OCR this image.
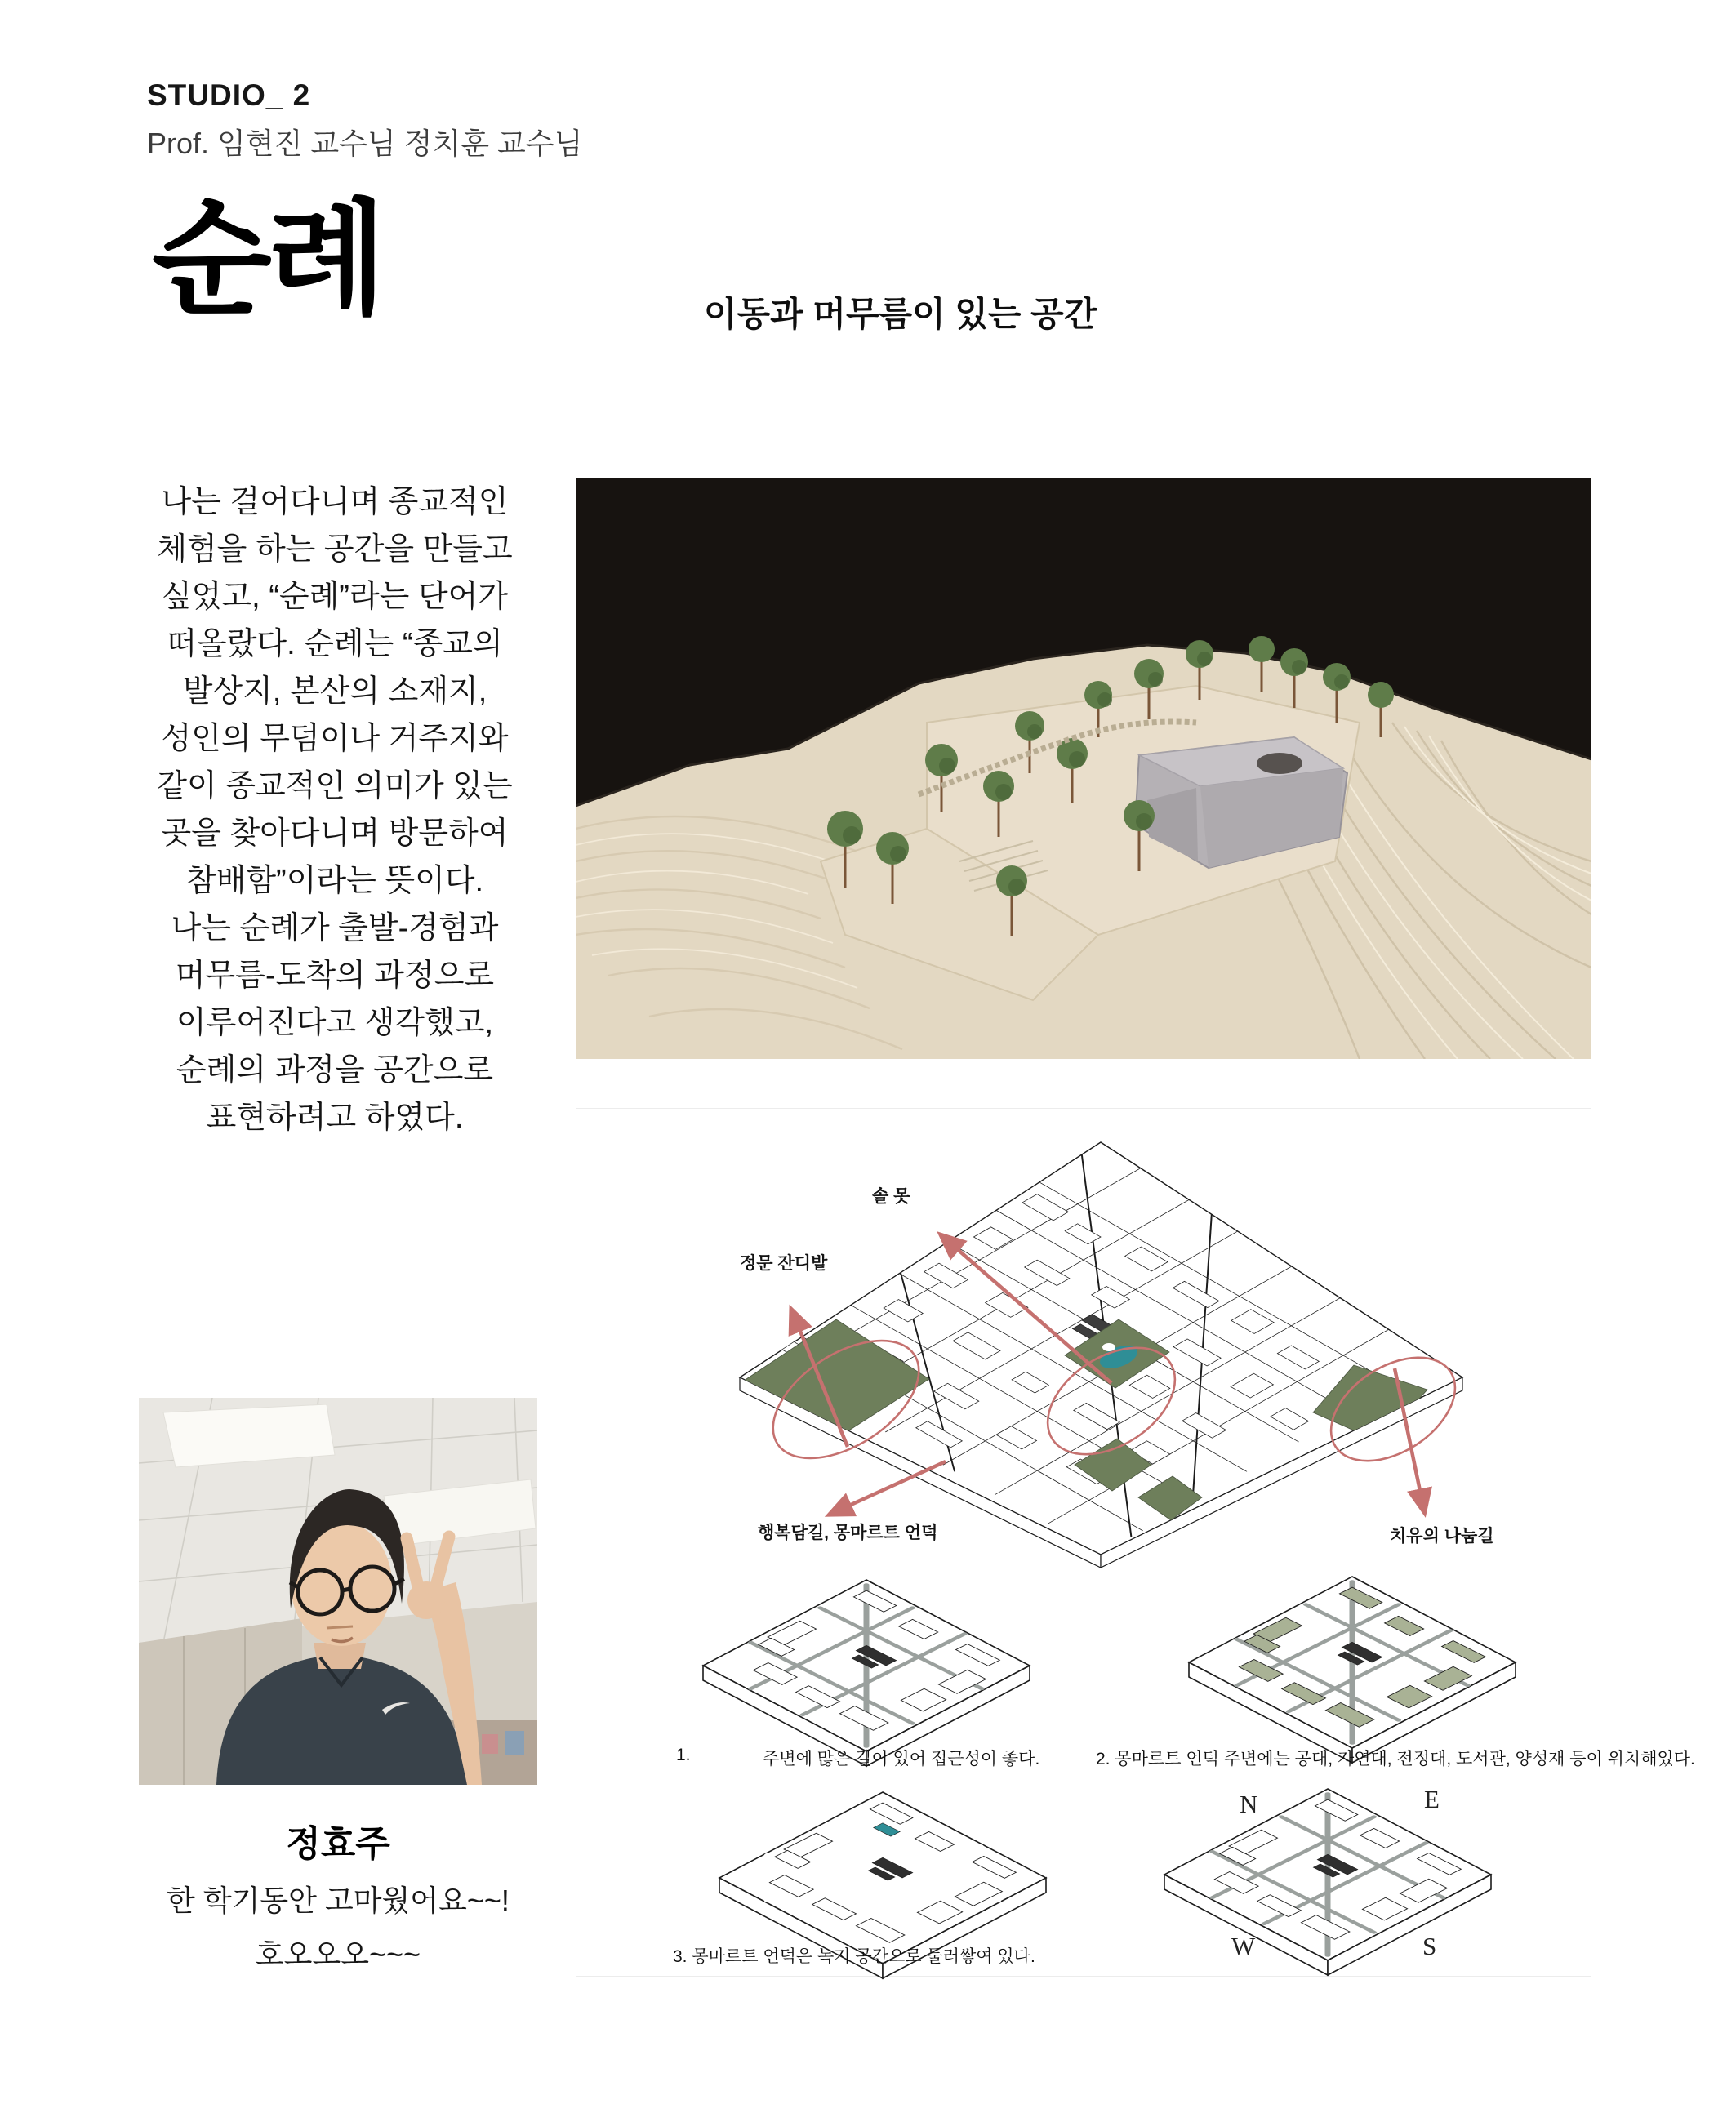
STUDIO_ 2
Prof. 임현진 교수님 정치훈 교수님
순례	이동과 머무름이 있는 공간
나는 걸어다니며 종교적인
체험을 하는 공간을 만들고
싶었고, “순례”라는 단어가
떠올랐다. 순례는 “종교의
발상지, 본산의 소재지,
성인의 무덤이나 거주지와
같이 종교적인 의미가 있는
곳을 찾아다니며 방문하여
참배함”이라는 뜻이다.
나는 순례가 출발-경험과
머무름-도착의 과정으로
이루어진다고 생각했고,
순례의 과정을 공간으로
표현하려고 하였다.
솔 못
정문 잔디밭
행복담길, 몽마르트 언덕	치유의 나눔길
N	E
W	S
1.	주변에 많은 길이 있어 접근성이 좋다.	2. 몽마르트 언덕 주변에는 공대, 자연대, 전정대, 도서관, 양성재 등이 위치해있다.
3. 몽마르트 언덕은 녹지 공간으로 둘러쌓여 있다.
정효주
한 학기동안 고마웠어요~~!
호오오오~~~
